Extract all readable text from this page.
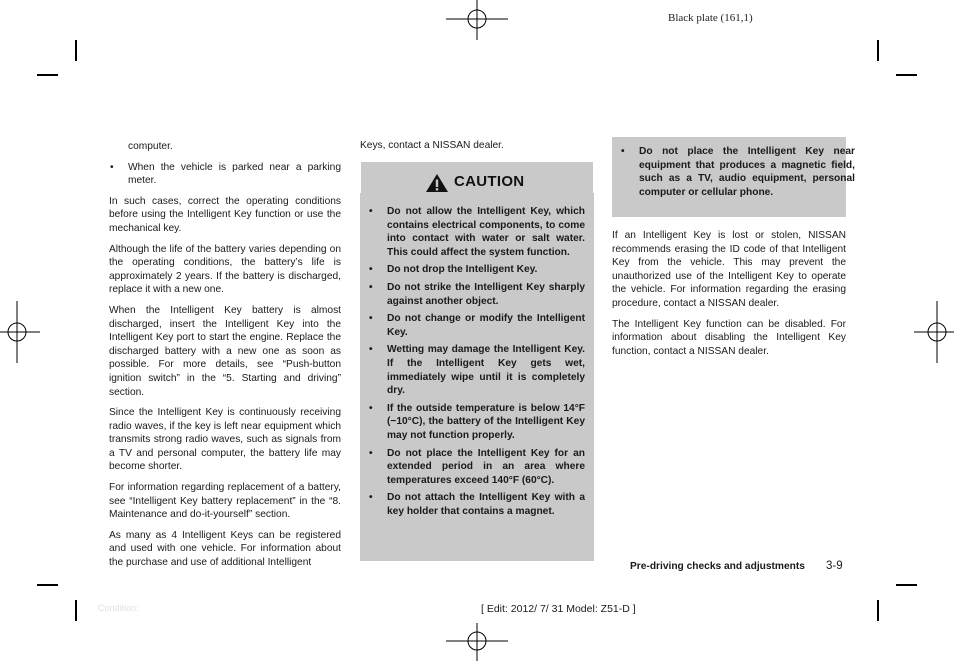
Black plate (161,1)

computer.

• When the vehicle is parked near a parking meter.

In such cases, correct the operating conditions before using the Intelligent Key function or use the mechanical key.

Although the life of the battery varies depending on the operating conditions, the battery’s life is approximately 2 years. If the battery is discharged, replace it with a new one.

When the Intelligent Key battery is almost discharged, insert the Intelligent Key into the Intelligent Key port to start the engine. Replace the discharged battery with a new one as soon as possible. For more details, see “Push-button ignition switch” in the “5. Starting and driving” section.

Since the Intelligent Key is continuously receiving radio waves, if the key is left near equipment which transmits strong radio waves, such as signals from a TV and personal computer, the battery life may become shorter.

For information regarding replacement of a battery, see “Intelligent Key battery replacement” in the “8. Maintenance and do-it-yourself” section.

As many as 4 Intelligent Keys can be registered and used with one vehicle. For information about the purchase and use of additional Intelligent

Keys, contact a NISSAN dealer.

CAUTION
• Do not allow the Intelligent Key, which contains electrical components, to come into contact with water or salt water. This could affect the system function.
• Do not drop the Intelligent Key.
• Do not strike the Intelligent Key sharply against another object.
• Do not change or modify the Intelligent Key.
• Wetting may damage the Intelligent Key. If the Intelligent Key gets wet, immediately wipe until it is completely dry.
• If the outside temperature is below 14°F (−10°C), the battery of the Intelligent Key may not function properly.
• Do not place the Intelligent Key for an extended period in an area where temperatures exceed 140°F (60°C).
• Do not attach the Intelligent Key with a key holder that contains a magnet.
• Do not place the Intelligent Key near equipment that produces a magnetic field, such as a TV, audio equipment, personal computer or cellular phone.

If an Intelligent Key is lost or stolen, NISSAN recommends erasing the ID code of that Intelligent Key from the vehicle. This may prevent the unauthorized use of the Intelligent Key to operate the vehicle. For information regarding the erasing procedure, contact a NISSAN dealer.

The Intelligent Key function can be disabled. For information about disabling the Intelligent Key function, contact a NISSAN dealer.

Pre-driving checks and adjustments 3-9
Condition:	[ Edit: 2012/ 7/ 31 Model: Z51-D ]
